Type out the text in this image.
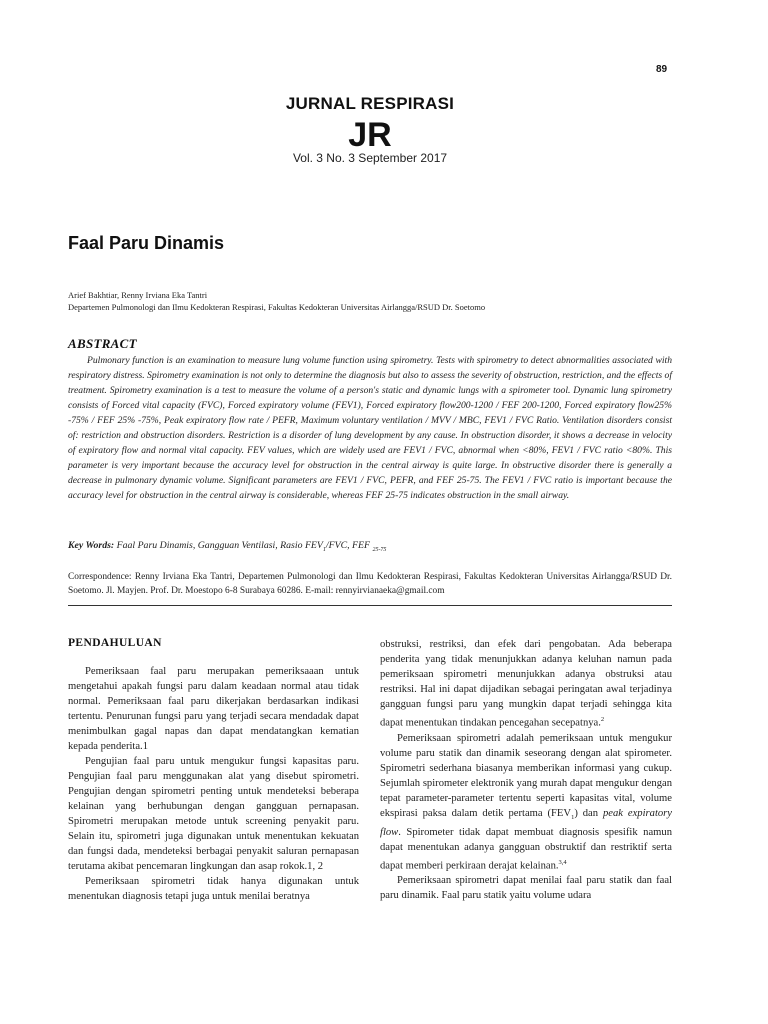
89
JURNAL RESPIRASI
JR
Vol. 3 No. 3 September 2017
Faal Paru Dinamis
Arief Bakhtiar, Renny Irviana Eka Tantri
Departemen Pulmonologi dan Ilmu Kedokteran Respirasi, Fakultas Kedokteran Universitas Airlangga/RSUD Dr. Soetomo
ABSTRACT
Pulmonary function is an examination to measure lung volume function using spirometry. Tests with spirometry to detect abnormalities associated with respiratory distress. Spirometry examination is not only to determine the diagnosis but also to assess the severity of obstruction, restriction, and the effects of treatment. Spirometry examination is a test to measure the volume of a person's static and dynamic lungs with a spirometer tool. Dynamic lung spirometry consists of Forced vital capacity (FVC), Forced expiratory volume (FEV1), Forced expiratory flow200-1200 / FEF 200-1200, Forced expiratory flow25% -75% / FEF 25% -75%, Peak expiratory flow rate / PEFR, Maximum voluntary ventilation / MVV / MBC, FEV1 / FVC Ratio. Ventilation disorders consist of: restriction and obstruction disorders. Restriction is a disorder of lung development by any cause. In obstruction disorder, it shows a decrease in velocity of expiratory flow and normal vital capacity. FEV values, which are widely used are FEV1 / FVC, abnormal when <80%, FEV1 / FVC ratio <80%. This parameter is very important because the accuracy level for obstruction in the central airway is quite large. In obstructive disorder there is generally a decrease in pulmonary dynamic volume. Significant parameters are FEV1 / FVC, PEFR, and FEF 25-75. The FEV1 / FVC ratio is important because the accuracy level for obstruction in the central airway is considerable, whereas FEF 25-75 indicates obstruction in the small airway.
Key Words: Faal Paru Dinamis, Gangguan Ventilasi, Rasio $FEV_1$/FVC, FEF $_{25-75}$
Correspondence: Renny Irviana Eka Tantri, Departemen Pulmonologi dan Ilmu Kedokteran Respirasi, Fakultas Kedokteran Universitas Airlangga/RSUD Dr. Soetomo. Jl. Mayjen. Prof. Dr. Moestopo 6-8 Surabaya 60286. E-mail: rennyirvianaeka@gmail.com
PENDAHULUAN

Pemeriksaan faal paru merupakan pemeriksaaan untuk mengetahui apakah fungsi paru dalam keadaan normal atau tidak normal. Pemeriksaan faal paru dikerjakan berdasarkan indikasi tertentu. Penurunan fungsi paru yang terjadi secara mendadak dapat menimbulkan gagal napas dan dapat mendatangkan kematian kepada penderita.1

Pengujian faal paru untuk mengukur fungsi kapasitas paru. Pengujian faal paru menggunakan alat yang disebut spirometri. Pengujian dengan spirometri penting untuk mendeteksi beberapa kelainan yang berhubungan dengan gangguan pernapasan. Spirometri merupakan metode untuk screening penyakit paru. Selain itu, spirometri juga digunakan untuk menentukan kekuatan dan fungsi dada, mendeteksi berbagai penyakit saluran pernapasan terutama akibat pencemaran lingkungan dan asap rokok.1, 2

Pemeriksaan spirometri tidak hanya digunakan untuk menentukan diagnosis tetapi juga untuk menilai beratnya

obstruksi, restriksi, dan efek dari pengobatan. Ada beberapa penderita yang tidak menunjukkan adanya keluhan namun pada pemeriksaan spirometri menunjukkan adanya obstruksi atau restriksi. Hal ini dapat dijadikan sebagai peringatan awal terjadinya gangguan fungsi paru yang mungkin dapat terjadi sehingga kita dapat menentukan tindakan pencegahan secepatnya.$^2$

Pemeriksaan spirometri adalah pemeriksaan untuk mengukur volume paru statik dan dinamik seseorang dengan alat spirometer. Spirometri sederhana biasanya memberikan informasi yang cukup. Sejumlah spirometer elektronik yang murah dapat mengukur dengan tepat parameter-parameter tertentu seperti kapasitas vital, volume ekspirasi paksa dalam detik pertama $(FEV_1)$ dan peak expiratory flow. Spirometer tidak dapat membuat diagnosis spesifik namun dapat menentukan adanya gangguan obstruktif dan restriktif serta dapat memberi perkiraan derajat kelainan.$^{3,4}$

Pemeriksaan spirometri dapat menilai faal paru statik dan faal paru dinamik. Faal paru statik yaitu volume udara
